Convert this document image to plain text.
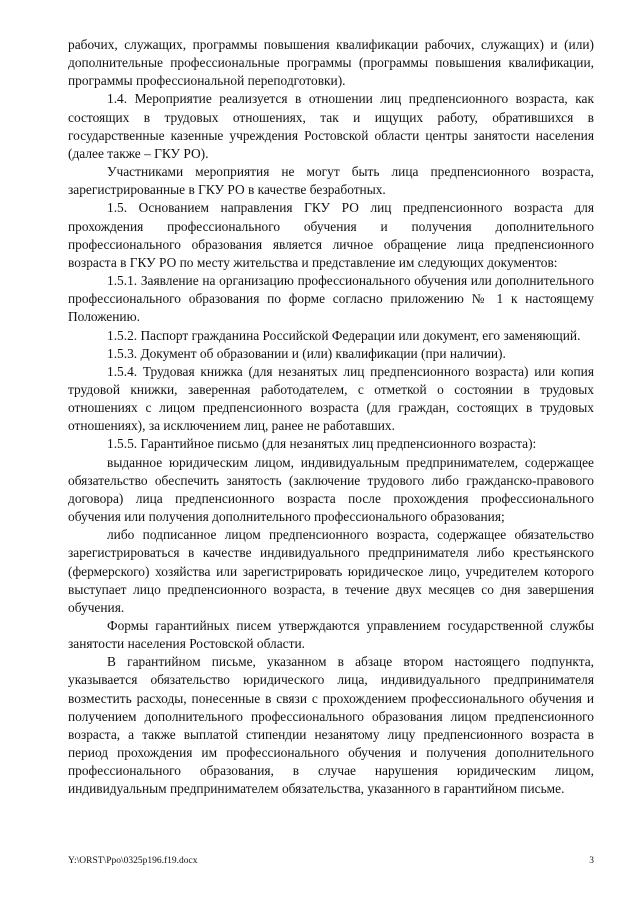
рабочих, служащих, программы повышения квалификации рабочих, служащих) и (или) дополнительные профессиональные программы (программы повышения квалификации, программы профессиональной переподготовки).

1.4. Мероприятие реализуется в отношении лиц предпенсионного возраста, как состоящих в трудовых отношениях, так и ищущих работу, обратившихся в государственные казенные учреждения Ростовской области центры занятости населения (далее также – ГКУ РО).

Участниками мероприятия не могут быть лица предпенсионного возраста, зарегистрированные в ГКУ РО в качестве безработных.

1.5. Основанием направления ГКУ РО лиц предпенсионного возраста для прохождения профессионального обучения и получения дополнительного профессионального образования является личное обращение лица предпенсионного возраста в ГКУ РО по месту жительства и представление им следующих документов:

1.5.1. Заявление на организацию профессионального обучения или дополнительного профессионального образования по форме согласно приложению № 1 к настоящему Положению.

1.5.2. Паспорт гражданина Российской Федерации или документ, его заменяющий.

1.5.3. Документ об образовании и (или) квалификации (при наличии).

1.5.4. Трудовая книжка (для незанятых лиц предпенсионного возраста) или копия трудовой книжки, заверенная работодателем, с отметкой о состоянии в трудовых отношениях с лицом предпенсионного возраста (для граждан, состоящих в трудовых отношениях), за исключением лиц, ранее не работавших.

1.5.5. Гарантийное письмо (для незанятых лиц предпенсионного возраста):

выданное юридическим лицом, индивидуальным предпринимателем, содержащее обязательство обеспечить занятость (заключение трудового либо гражданско-правового договора) лица предпенсионного возраста после прохождения профессионального обучения или получения дополнительного профессионального образования;

либо подписанное лицом предпенсионного возраста, содержащее обязательство зарегистрироваться в качестве индивидуального предпринимателя либо крестьянского (фермерского) хозяйства или зарегистрировать юридическое лицо, учредителем которого выступает лицо предпенсионного возраста, в течение двух месяцев со дня завершения обучения.

Формы гарантийных писем утверждаются управлением государственной службы занятости населения Ростовской области.

В гарантийном письме, указанном в абзаце втором настоящего подпункта, указывается обязательство юридического лица, индивидуального предпринимателя возместить расходы, понесенные в связи с прохождением профессионального обучения и получением дополнительного профессионального образования лицом предпенсионного возраста, а также выплатой стипендии незанятому лицу предпенсионного возраста в период прохождения им профессионального обучения и получения дополнительного профессионального образования, в случае нарушения юридическим лицом, индивидуальным предпринимателем обязательства, указанного в гарантийном письме.

Y:\ORST\Ppo\0325p196.f19.docx	3
